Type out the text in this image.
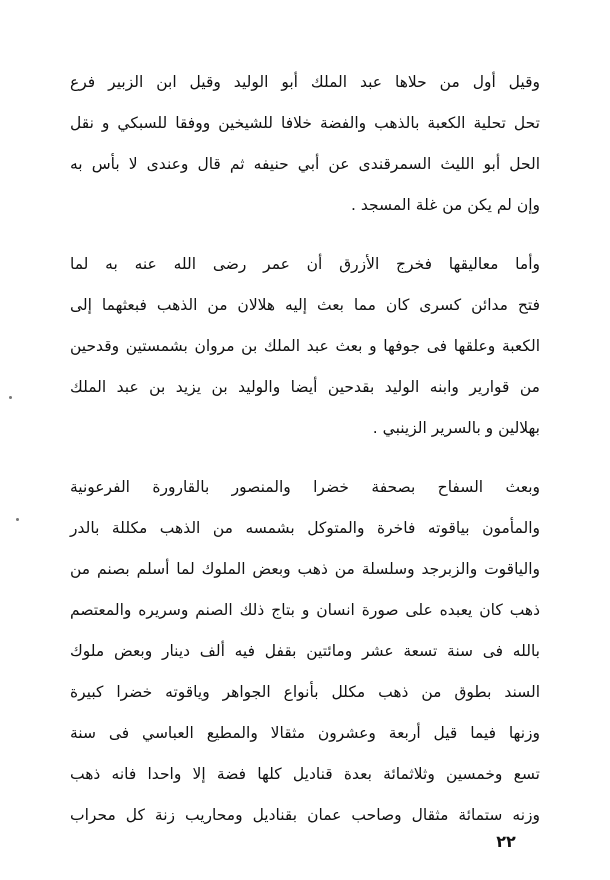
وقيل أول من حلاها عبد الملك أبو الوليد وقيل ابن الزبير فرع
تحل تحلية الكعبة بالذهب والفضة خلافا للشيخين ووفقا للسبكي و نقل
الحل أبو الليث السمرقندى عن أبي حنيفه ثم قال وعندى لا بأس به
وإن لم يكن من غلة المسجد .
وأما معاليقها فخرج الأزرق أن عمر رضى الله عنه به لما
فتح مدائن كسرى كان مما بعث إليه هلالان من الذهب فبعثهما إلى
الكعبة وعلقها فى جوفها و بعث عبد الملك بن مروان بشمستين وقدحين
من قوارير وابنه الوليد بقدحين أيضا والوليد بن يزيد بن عبد الملك
بهلالين و بالسرير الزينبي .
وبعث السفاح بصحفة خضرا والمنصور بالقارورة الفرعونية
والمأمون بياقوته فاخرة والمتوكل بشمسه من الذهب مكللة بالدر
والياقوت والزبرجد وسلسلة من ذهب وبعض الملوك لما أسلم بصنم من
ذهب كان يعبده على صورة انسان و بتاج ذلك الصنم وسريره والمعتصم
بالله فى سنة تسعة عشر ومائتين بقفل فيه ألف دينار وبعض ملوك
السند بطوق من ذهب مكلل بأنواع الجواهر وياقوته خضرا كبيرة
وزنها فيما قيل أربعة وعشرون مثقالا والمطيع العباسي فى سنة
تسع وخمسين وثلاثمائة بعدة قناديل كلها فضة إلا واحدا فانه ذهب
وزنه ستمائة مثقال وصاحب عمان بقناديل ومحاريب زنة كل محراب
٢٢
